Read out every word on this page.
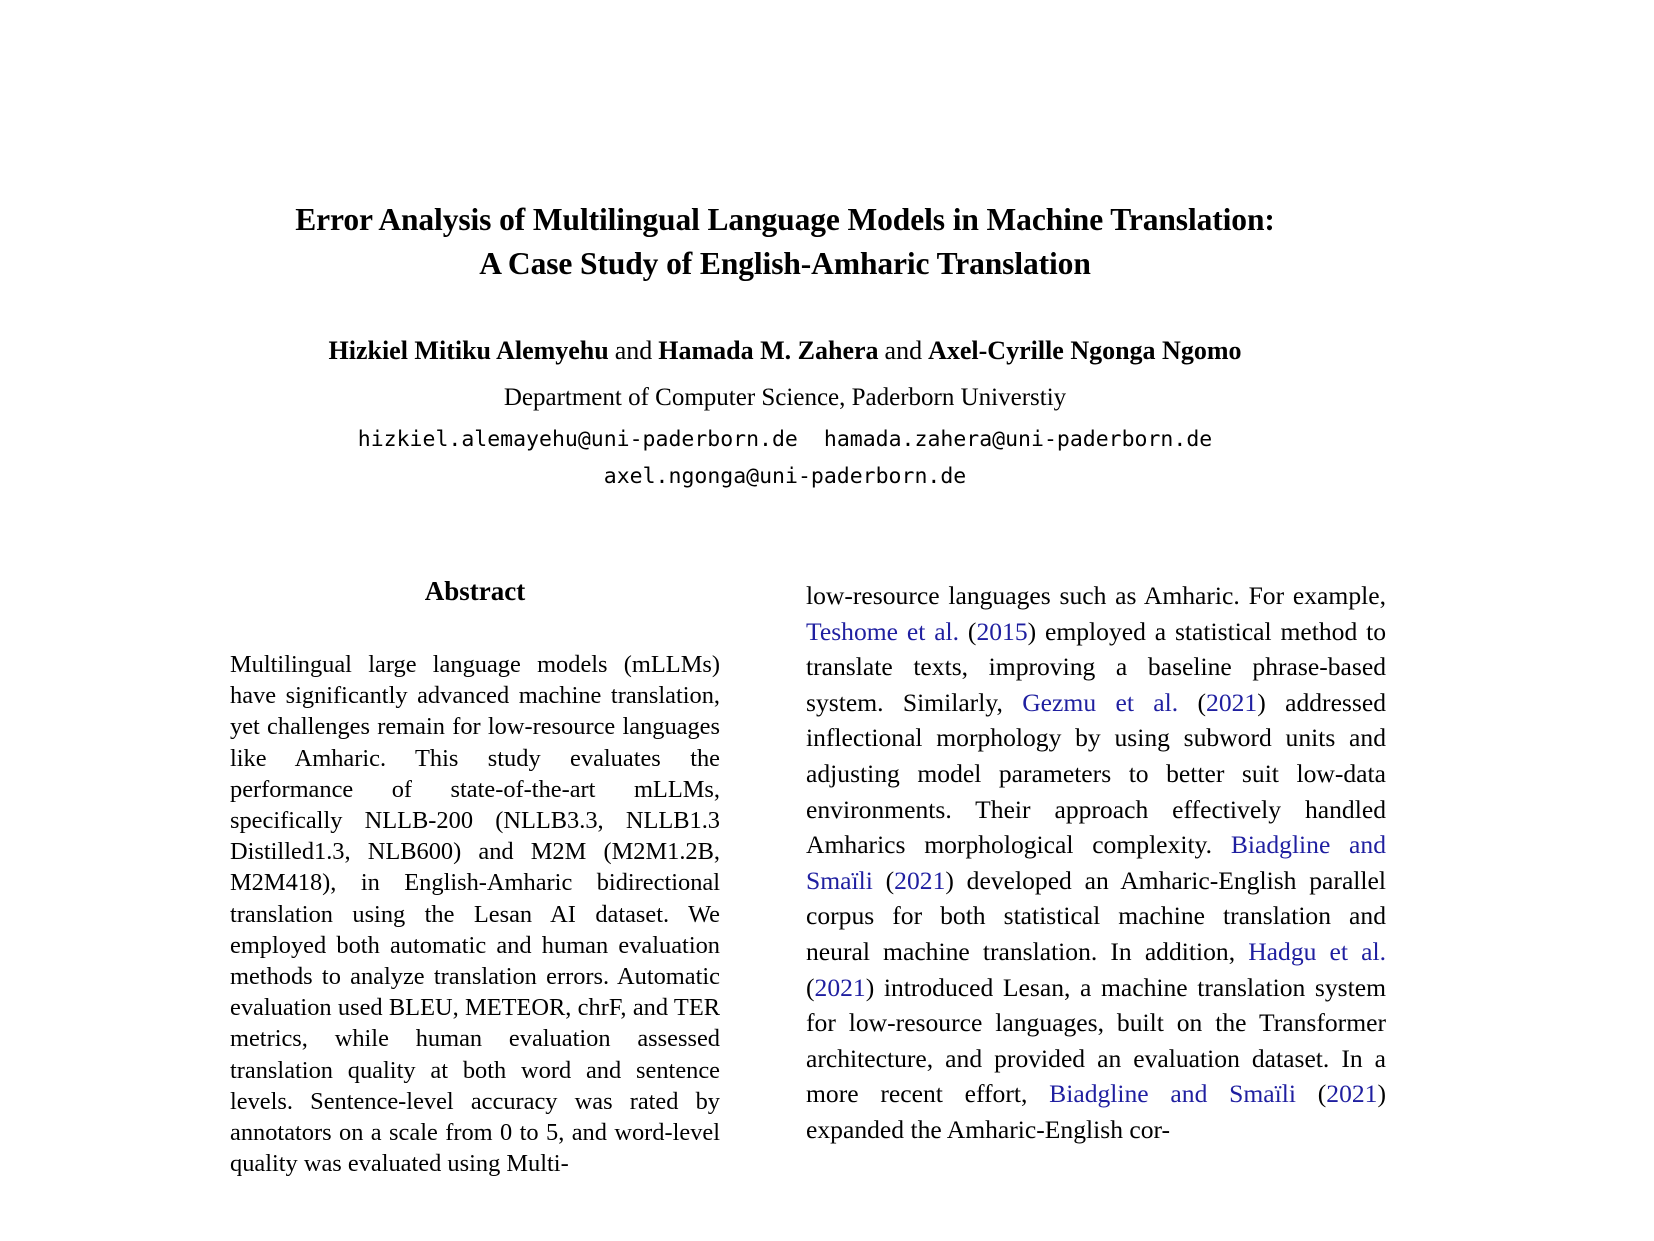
Error Analysis of Multilingual Language Models in Machine Translation:
A Case Study of English-Amharic Translation
Hizkiel Mitiku Alemyehu and Hamada M. Zahera and Axel-Cyrille Ngonga Ngomo
Department of Computer Science, Paderborn Universtiy
hizkiel.alemayehu@uni-paderborn.de hamada.zahera@uni-paderborn.de
axel.ngonga@uni-paderborn.de
Abstract

Multilingual large language models (mLLMs) have significantly advanced machine translation, yet challenges remain for low-resource languages like Amharic. This study evaluates the performance of state-of-the-art mLLMs, specifically NLLB-200 (NLLB3.3, NLLB1.3 Distilled1.3, NLB600) and M2M (M2M1.2B, M2M418), in English-Amharic bidirectional translation using the Lesan AI dataset. We employed both automatic and human evaluation methods to analyze translation errors. Automatic evaluation used BLEU, METEOR, chrF, and TER metrics, while human evaluation assessed translation quality at both word and sentence levels. Sentence-level accuracy was rated by annotators on a scale from 0 to 5, and word-level quality was evaluated using Multi-

low-resource languages such as Amharic. For example, Teshome et al. (2015) employed a statistical method to translate texts, improving a baseline phrase-based system. Similarly, Gezmu et al. (2021) addressed inflectional morphology by using subword units and adjusting model parameters to better suit low-data environments. Their approach effectively handled Amharics morphological complexity. Biadgline and Smaïli (2021) developed an Amharic-English parallel corpus for both statistical machine translation and neural machine translation. In addition, Hadgu et al. (2021) introduced Lesan, a machine translation system for low-resource languages, built on the Transformer architecture, and provided an evaluation dataset. In a more recent effort, Biadgline and Smaïli (2021) expanded the Amharic-English cor-
